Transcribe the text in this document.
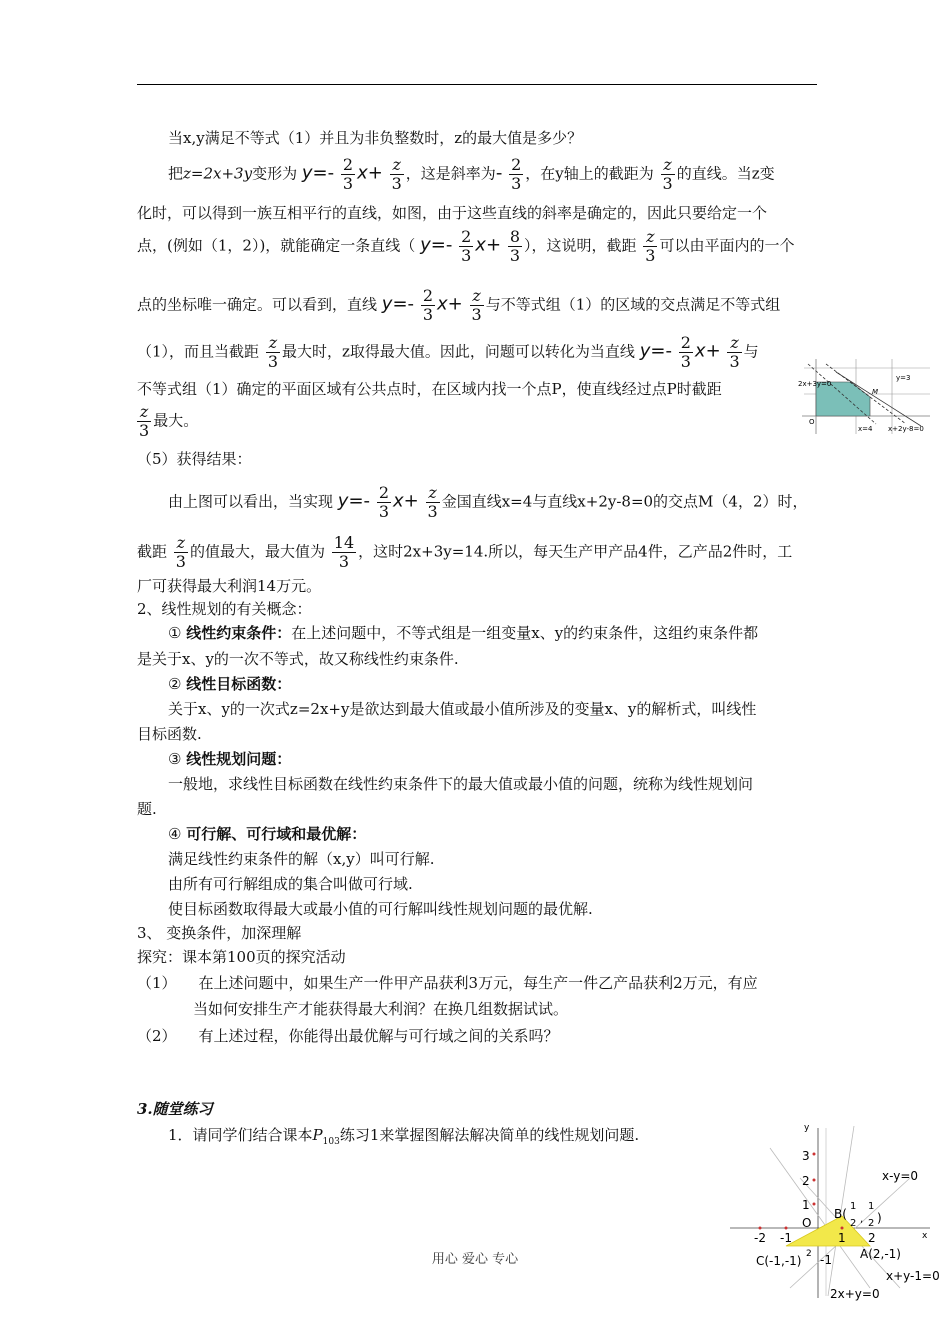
当x,y满足不等式（1）并且为非负整数时，z的最大值是多少？
把z=2x+3y变形为 $y=- \frac{2}{3} x+ \frac{z}{3}$ ，这是斜率为- $\frac{2}{3}$ ，在y轴上的截距为 $\frac{z}{3}$ 的直线。当z变
化时，可以得到一族互相平行的直线，如图，由于这些直线的斜率是确定的，因此只要给定一个
点，(例如（1，2）)，就能确定一条直线（ $y=- \frac{2}{3} x+ \frac{8}{3}$ ），这说明，截距 $\frac{z}{3}$ 可以由平面内的一个
点的坐标唯一确定。可以看到，直线 $y=- \frac{2}{3} x+ \frac{z}{3}$ 与不等式组（1）的区域的交点满足不等式组
（1），而且当截距 $\frac{z}{3}$ 最大时，z取得最大值。因此，问题可以转化为当直线 $y=- \frac{2}{3} x+ \frac{z}{3}$ 与
不等式组（1）确定的平面区域有公共点时，在区域内找一个点P，使直线经过点P时截距
$\frac{z}{3}$ 最大。
2x+3y=0
y=3
M
O
x=4 x+2y-8=0
（5）获得结果：
由上图可以看出，当实现 $y=- \frac{2}{3} x+ \frac{z}{3}$ 金国直线x=4与直线x+2y-8=0的交点M（4，2）时，
截距 $\frac{z}{3}$ 的值最大，最大值为 $\frac{14}{3}$ ，这时2x+3y=14.所以，每天生产甲产品4件，乙产品2件时，工
厂可获得最大利润14万元。
2、线性规划的有关概念：
① 线性约束条件：在上述问题中，不等式组是一组变量x、y的约束条件，这组约束条件都
是关于x、y的一次不等式，故又称线性约束条件.
② 线性目标函数：
关于x、y的一次式z=2x+y是欲达到最大值或最小值所涉及的变量x、y的解析式，叫线性
目标函数.
③ 线性规划问题：
一般地，求线性目标函数在线性约束条件下的最大值或最小值的问题，统称为线性规划问
题.
④ 可行解、可行域和最优解：
满足线性约束条件的解（x,y）叫可行解.
由所有可行解组成的集合叫做可行域.
使目标函数取得最大或最小值的可行解叫线性规划问题的最优解.
3、 变换条件，加深理解
探究：课本第100页的探究活动
（1） 在上述问题中，如果生产一件甲产品获利3万元，每生产一件乙产品获利2万元，有应
当如何安排生产才能获得最大利润？在换几组数据试试。
（2） 有上述过程，你能得出最优解与可行域之间的关系吗？
3.随堂练习
1．请同学们结合课本$P_{103}$练习1来掌握图解法解决简单的线性规划问题.
用心 爱心 专心
y
x
3
2
1
O
-2 -1	1 2
-1
2
x-y=0
B(
1 1
2 2
, )
A(2,-1)
C(-1,-1)
x+y-1=0
2x+y=0
